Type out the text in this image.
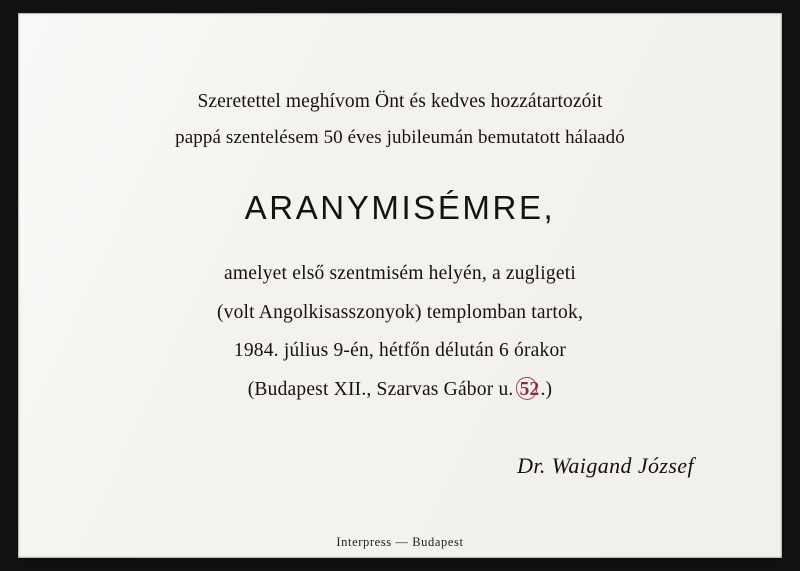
Szeretettel meghívom Önt és kedves hozzátartozóit
pappá szentelésem 50 éves jubileumán bemutatott hálaadó
ARANYMISÉMRE,
amelyet első szentmisém helyén, a zugligeti
(volt Angolkisasszonyok) templomban tartok,
1984. július 9-én, hétfőn délután 6 órakor
(Budapest XII., Szarvas Gábor u. 52.)
Dr. Waigand József
Interpress — Budapest
